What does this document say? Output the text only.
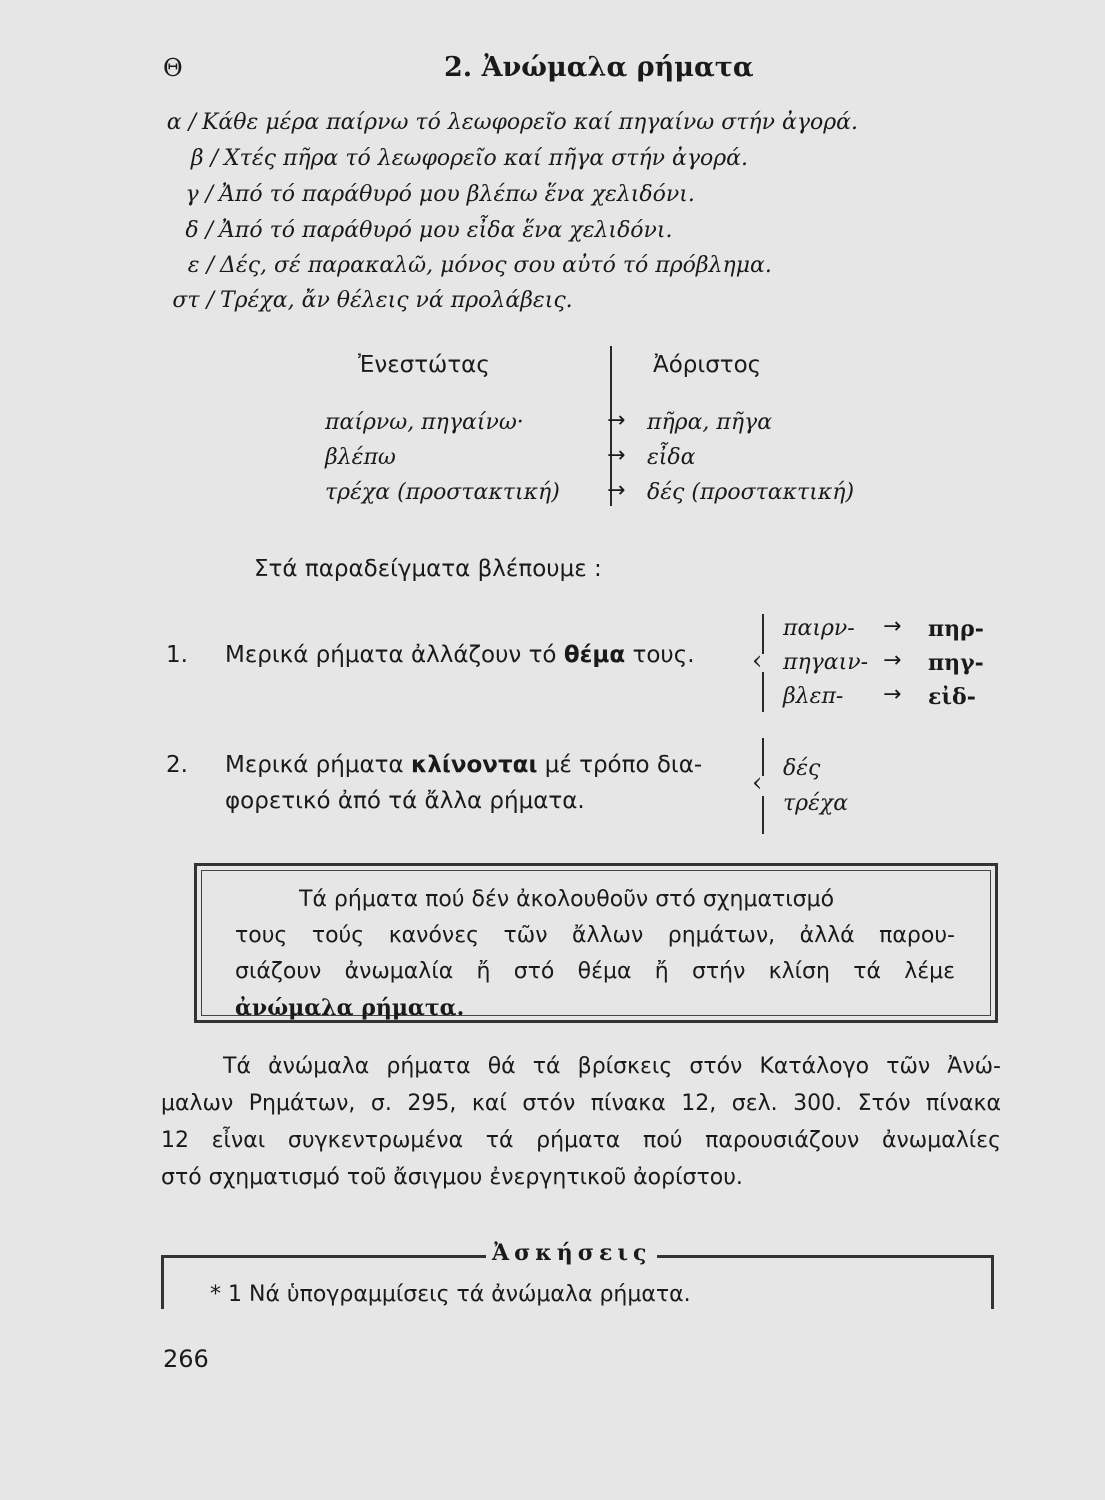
Θ	2. Ἀνώμαλα ρήματα
α / Κάθε μέρα παίρνω τό λεωφορεῖο καί πηγαίνω στήν ἀγορά.
β / Χτές πῆρα τό λεωφορεῖο καί πῆγα στήν ἀγορά.
γ / Ἀπό τό παράθυρό μου βλέπω ἕνα χελιδόνι.
δ / Ἀπό τό παράθυρό μου εἶδα ἕνα χελιδόνι.
ε / Δές, σέ παρακαλῶ, μόνος σου αὐτό τό πρόβλημα.
στ / Τρέχα, ἄν θέλεις νά προλάβεις.
Ἐνεστώτας	Ἀόριστος
παίρνω, πηγαίνω·	→ πῆρα, πῆγα
βλέπω	→ εἶδα
τρέχα (προστακτική) → δές (προστακτική)
Στά παραδείγματα βλέπουμε :
1. Μερικά ρήματα ἀλλάζουν τό θέμα τους. ‹
παιρν- → πηρ-
πηγαιν- → πηγ-
βλεπ- → εἰδ-
2. Μερικά ρήματα κλίνονται μέ τρόπο δια-
φορετικό ἀπό τά ἄλλα ρήματα.
‹ δές
τρέχα
Τά ρήματα πού δέν ἀκολουθοῦν στό σχηματισμό
τους τούς κανόνες τῶν ἄλλων ρημάτων, ἀλλά παρου-
σιάζουν ἀνωμαλία ἤ στό θέμα ἤ στήν κλίση τά λέμε
ἀνώμαλα ρήματα.
Τά ἀνώμαλα ρήματα θά τά βρίσκεις στόν Κατάλογο τῶν Ἀνώ-
μαλων Ρημάτων, σ. 295, καί στόν πίνακα 12, σελ. 300. Στόν πίνακα
12 εἶναι συγκεντρωμένα τά ρήματα πού παρουσιάζουν ἀνωμαλίες
στό σχηματισμό τοῦ ἄσιγμου ἐνεργητικοῦ ἀορίστου.
Ἀσκήσεις
* 1 Νά ὑπογραμμίσεις τά ἀνώμαλα ρήματα.
266
